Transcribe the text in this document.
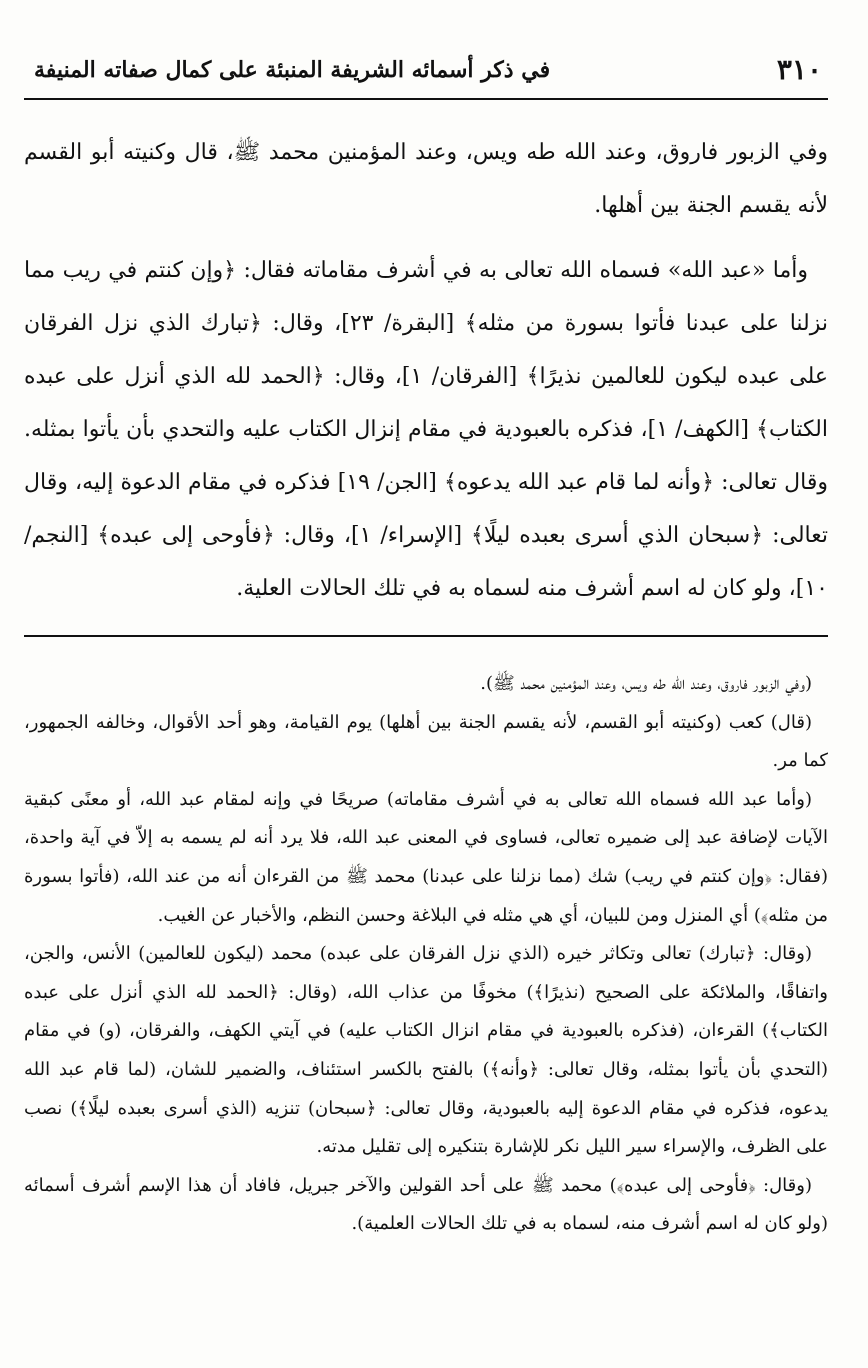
٣١٠
في ذكر أسمائه الشريفة المنبئة على كمال صفاته المنيفة

وفي الزبور فاروق، وعند الله طه ويس، وعند المؤمنين محمد ﷺ، قال وكنيته أبو القسم لأنه يقسم الجنة بين أهلها.

وأما «عبد الله» فسماه الله تعالى به في أشرف مقاماته فقال: ﴿وإن كنتم في ريب مما نزلنا على عبدنا فأتوا بسورة من مثله﴾ [البقرة/ ٢٣]، وقال: ﴿تبارك الذي نزل الفرقان على عبده ليكون للعالمين نذيرًا﴾ [الفرقان/ ١]، وقال: ﴿الحمد لله الذي أنزل على عبده الكتاب﴾ [الكهف/ ١]، فذكره بالعبودية في مقام إنزال الكتاب عليه والتحدي بأن يأتوا بمثله. وقال تعالى: ﴿وأنه لما قام عبد الله يدعوه﴾ [الجن/ ١٩] فذكره في مقام الدعوة إليه، وقال تعالى: ﴿سبحان الذي أسرى بعبده ليلًا﴾ [الإسراء/ ١]، وقال: ﴿فأوحى إلى عبده﴾ [النجم/ ١٠]، ولو كان له اسم أشرف منه لسماه به في تلك الحالات العلية.

(وفي الزبور فاروق، وعند الله طه ويس، وعند المؤمنين محمد ﷺ).

(قال) كعب (وكنيته أبو القسم، لأنه يقسم الجنة بين أهلها) يوم القيامة، وهو أحد الأقوال، وخالفه الجمهور، كما مر.

(وأما عبد الله فسماه الله تعالى به في أشرف مقاماته) صريحًا في وإنه لمقام عبد الله، أو معنًى كبقية الآيات لإضافة عبد إلى ضميره تعالى، فساوى في المعنى عبد الله، فلا يرد أنه لم يسمه به إلاّ في آية واحدة، (فقال: ﴿وإن كنتم في ريب) شك (مما نزلنا على عبدنا) محمد ﷺ من القرءان أنه من عند الله، (فأتوا بسورة من مثله﴾) أي المنزل ومن للبيان، أي هي مثله في البلاغة وحسن النظم، والأخبار عن الغيب.

(وقال: ﴿تبارك) تعالى وتكاثر خيره (الذي نزل الفرقان على عبده) محمد (ليكون للعالمين) الأنس، والجن، واتفاقًا، والملائكة على الصحيح (نذيرًا﴾) مخوفًا من عذاب الله، (وقال: ﴿الحمد لله الذي أنزل على عبده الكتاب﴾) القرءان، (فذكره بالعبودية في مقام انزال الكتاب عليه) في آيتي الكهف، والفرقان، (و) في مقام (التحدي بأن يأتوا بمثله، وقال تعالى: ﴿وأنه﴾) بالفتح بالكسر استئناف، والضمير للشان، (لما قام عبد الله يدعوه، فذكره في مقام الدعوة إليه بالعبودية، وقال تعالى: ﴿سبحان) تنزيه (الذي أسرى بعبده ليلًا﴾) نصب على الظرف، والإسراء سير الليل نكر للإشارة بتنكيره إلى تقليل مدته.

(وقال: ﴿فأوحى إلى عبده﴾) محمد ﷺ على أحد القولين والآخر جبريل، فافاد أن هذا الإسم أشرف أسمائه (ولو كان له اسم أشرف منه، لسماه به في تلك الحالات العلمية).
